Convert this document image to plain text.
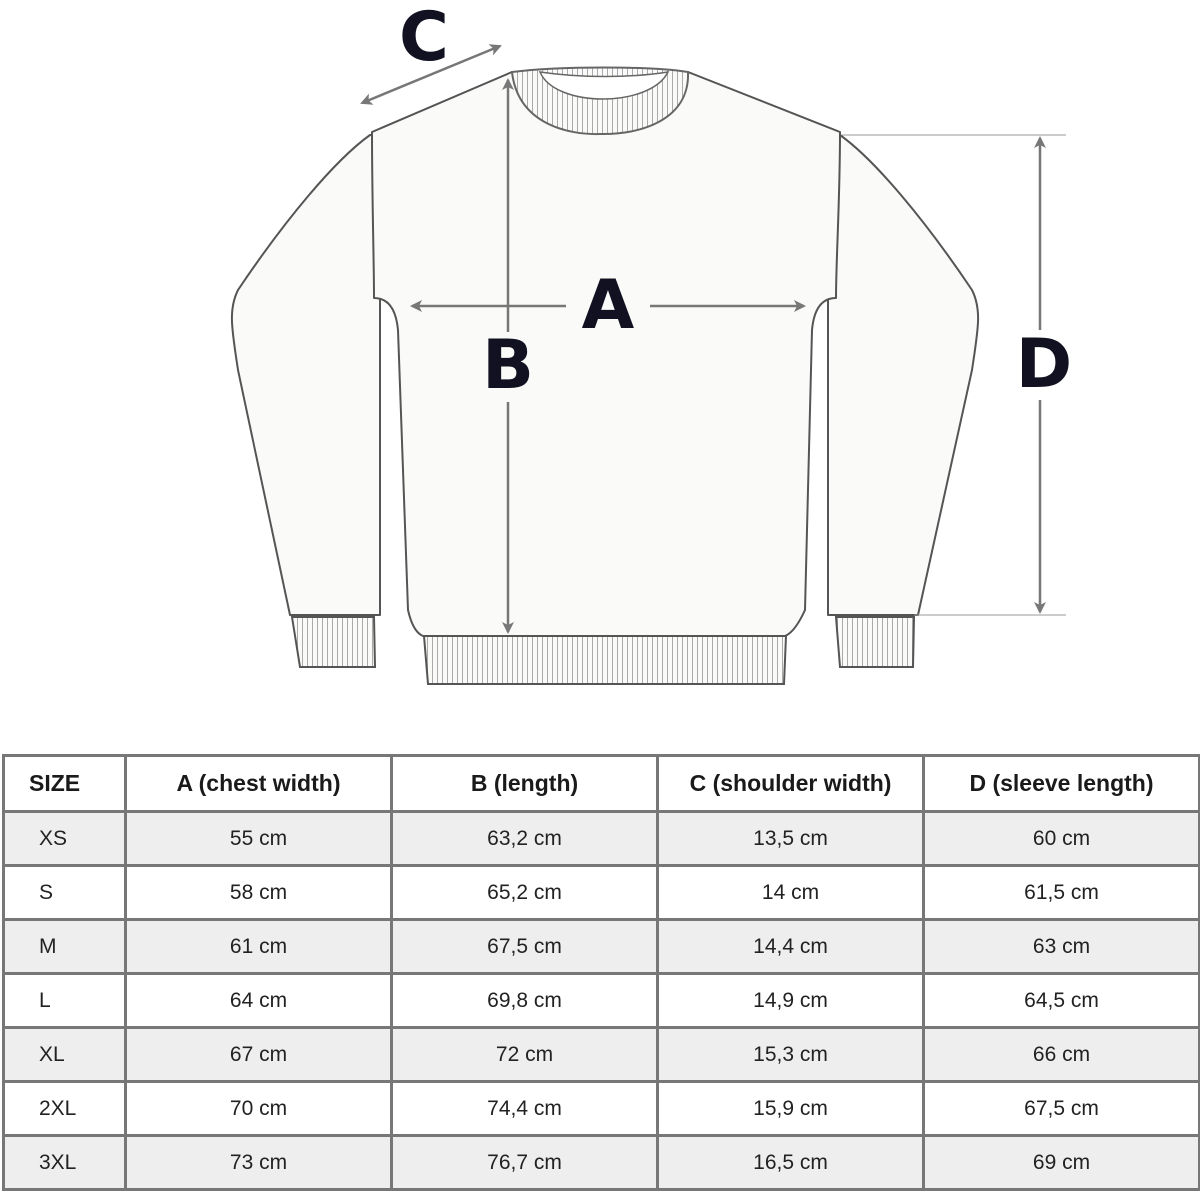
C
A
B	D
SIZE	A (chest width)	B (length)	C (shoulder width)	D (sleeve length)
XS	55 cm	63,2 cm	13,5 cm	60 cm
S	58 cm	65,2 cm	14 cm	61,5 cm
M	61 cm	67,5 cm	14,4 cm	63 cm
L	64 cm	69,8 cm	14,9 cm	64,5 cm
XL	67 cm	72 cm	15,3 cm	66 cm
2XL	70 cm	74,4 cm	15,9 cm	67,5 cm
3XL	73 cm	76,7 cm	16,5 cm	69 cm
